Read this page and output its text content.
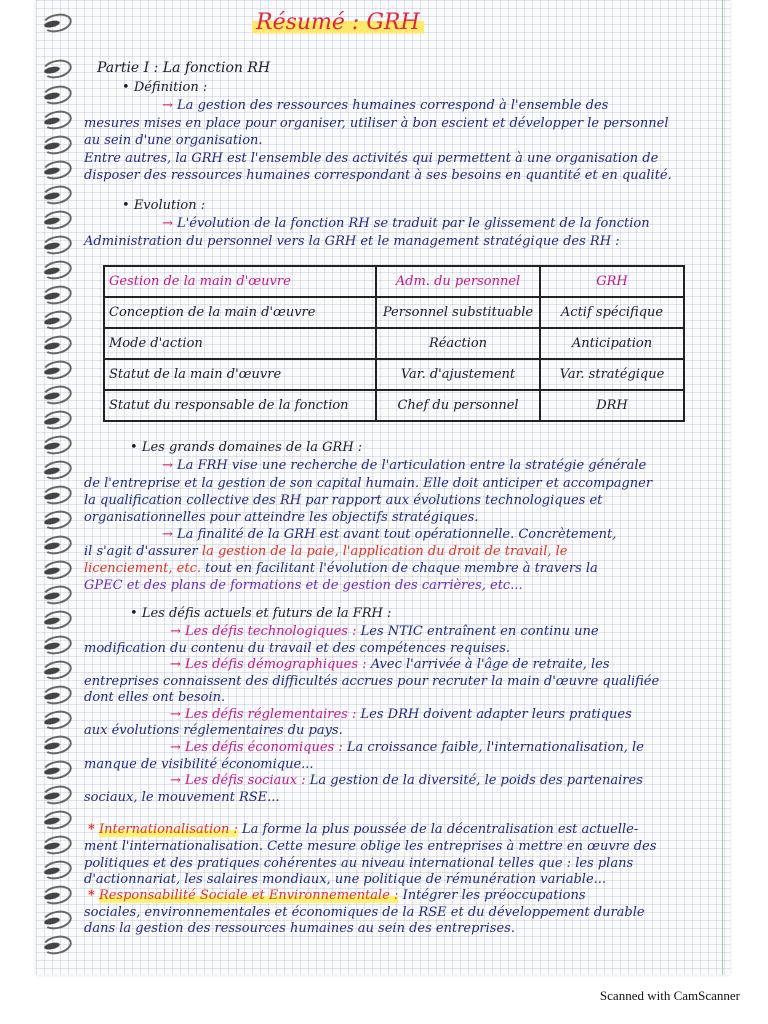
Résumé : GRH
Partie I : La fonction RH
• Définition :
→ La gestion des ressources humaines correspond à l'ensemble des
mesures mises en place pour organiser, utiliser à bon escient et développer le personnel
au sein d'une organisation.
Entre autres, la GRH est l'ensemble des activités qui permettent à une organisation de
disposer des ressources humaines correspondant à ses besoins en quantité et en qualité.
• Evolution :
→ L'évolution de la fonction RH se traduit par le glissement de la fonction
Administration du personnel vers la GRH et le management stratégique des RH :
Gestion de la main d'œuvre	Adm. du personnel	GRH
Conception de la main d'œuvre	Personnel substituable	Actif spécifique
Mode d'action	Réaction	Anticipation
Statut de la main d'œuvre	Var. d'ajustement	Var. stratégique
Statut du responsable de la fonction	Chef du personnel	DRH
• Les grands domaines de la GRH :
→ La FRH vise une recherche de l'articulation entre la stratégie générale
de l'entreprise et la gestion de son capital humain. Elle doit anticiper et accompagner
la qualification collective des RH par rapport aux évolutions technologiques et
organisationnelles pour atteindre les objectifs stratégiques.
→ La finalité de la GRH est avant tout opérationnelle. Concrètement,
il s'agit d'assurer la gestion de la paie, l'application du droit de travail, le
licenciement, etc. tout en facilitant l'évolution de chaque membre à travers la
GPEC et des plans de formations et de gestion des carrières, etc...
• Les défis actuels et futurs de la FRH :
→ Les défis technologiques : Les NTIC entraînent en continu une
modification du contenu du travail et des compétences requises.
→ Les défis démographiques : Avec l'arrivée à l'âge de retraite, les
entreprises connaissent des difficultés accrues pour recruter la main d'œuvre qualifiée
dont elles ont besoin.
→ Les défis réglementaires : Les DRH doivent adapter leurs pratiques
aux évolutions réglementaires du pays.
→ Les défis économiques : La croissance faible, l'internationalisation, le
manque de visibilité économique...
→ Les défis sociaux : La gestion de la diversité, le poids des partenaires
sociaux, le mouvement RSE...
* Internationalisation : La forme la plus poussée de la décentralisation est actuelle-
ment l'internationalisation. Cette mesure oblige les entreprises à mettre en œuvre des
politiques et des pratiques cohérentes au niveau international telles que : les plans
d'actionnariat, les salaires mondiaux, une politique de rémunération variable...
* Responsabilité Sociale et Environnementale : Intégrer les préoccupations
sociales, environnementales et économiques de la RSE et du développement durable
dans la gestion des ressources humaines au sein des entreprises.
Scanned with CamScanner
